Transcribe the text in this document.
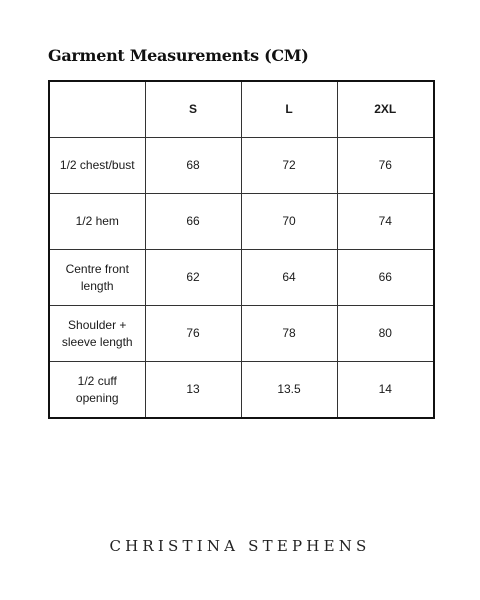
Garment Measurements (CM)
	S	L	2XL
1/2 chest/bust	68	72	76
1/2 hem	66	70	74
Centre front length	62	64	66
Shoulder + sleeve length	76	78	80
1/2 cuff opening	13	13.5	14
CHRISTINA STEPHENS
